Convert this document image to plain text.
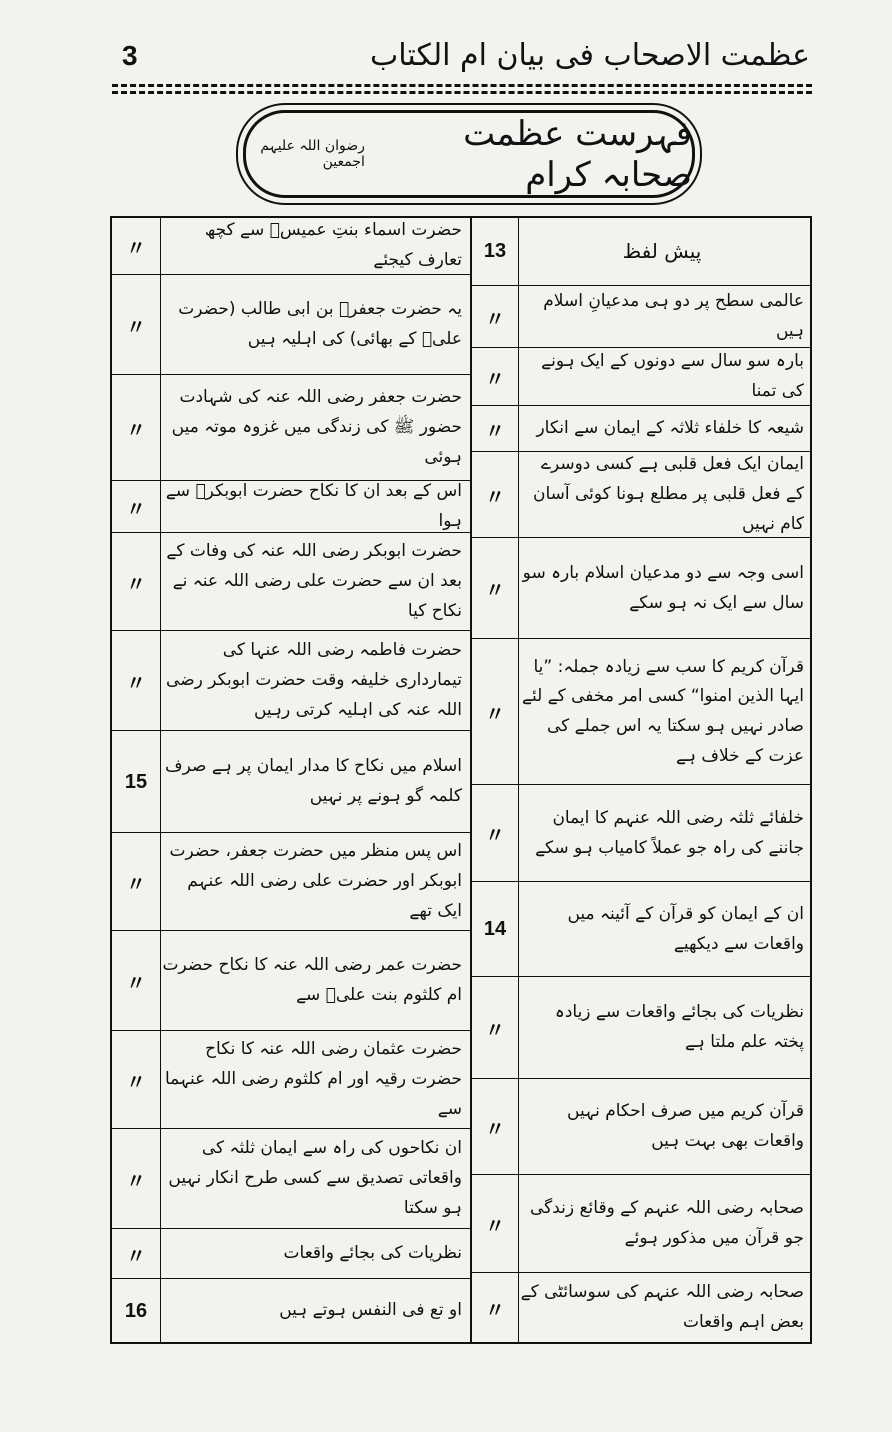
3	عظمت الاصحاب فی بیان ام الکتاب
فہرست عظمت صحابہ کرام
رضوان اللہ علیہم اجمعین
〃
حضرت اسماء بنتِ عمیسؓ سے کچھ تعارف کیجئے
〃
یہ حضرت جعفرؓ بن ابی طالب (حضرت علیؓ کے بھائی) کی اہلیہ ہیں
〃
حضرت جعفر رضی اللہ عنہ کی شہادت حضور ﷺ کی زندگی میں غزوہ موتہ میں ہوئی
〃
اس کے بعد ان کا نکاح حضرت ابوبکرؓ سے ہوا
〃
حضرت ابوبکر رضی اللہ عنہ کی وفات کے بعد ان سے حضرت علی رضی اللہ عنہ نے نکاح کیا
〃
حضرت فاطمہ رضی اللہ عنہا کی تیمارداری خلیفہ وقت حضرت ابوبکر رضی اللہ عنہ کی اہلیہ کرتی رہیں
15
اسلام میں نکاح کا مدار ایمان پر ہے صرف کلمہ گو ہونے پر نہیں
〃
اس پس منظر میں حضرت جعفر، حضرت ابوبکر اور حضرت علی رضی اللہ عنہم ایک تھے
〃
حضرت عمر رضی اللہ عنہ کا نکاح حضرت ام کلثوم بنت علیؓ سے
〃
حضرت عثمان رضی اللہ عنہ کا نکاح حضرت رقیہ اور ام کلثوم رضی اللہ عنہما سے
〃
ان نکاحوں کی راہ سے ایمان ثلثہ کی واقعاتی تصدیق سے کسی طرح انکار نہیں ہو سکتا
〃	نظریات کی بجائے واقعات
16	او تع فی النفس ہوتے ہیں
13	پیش لفظ
〃
عالمی سطح پر دو ہی مدعیانِ اسلام ہیں
〃
بارہ سو سال سے دونوں کے ایک ہونے کی تمنا
〃	شیعہ کا خلفاء ثلاثہ کے ایمان سے انکار
〃
ایمان ایک فعل قلبی ہے کسی دوسرے کے فعل قلبی پر مطلع ہونا کوئی آسان کام نہیں
〃
اسی وجہ سے دو مدعیان اسلام بارہ سو سال سے ایک نہ ہو سکے
〃
قرآن کریم کا سب سے زیادہ جملہ: ”یا ایہا الذین امنوا“ کسی امر مخفی کے لئے صادر نہیں ہو سکتا یہ اس جملے کی عزت کے خلاف ہے
〃
خلفائے ثلثہ رضی اللہ عنہم کا ایمان جاننے کی راہ جو عملاً کامیاب ہو سکے
14
ان کے ایمان کو قرآن کے آئینہ میں واقعات سے دیکھیے
〃
نظریات کی بجائے واقعات سے زیادہ پختہ علم ملتا ہے
〃
قرآن کریم میں صرف احکام نہیں واقعات بھی بہت ہیں
〃
صحابہ رضی اللہ عنہم کے وقائع زندگی جو قرآن میں مذکور ہوئے
〃
صحابہ رضی اللہ عنہم کی سوسائٹی کے بعض اہم واقعات
